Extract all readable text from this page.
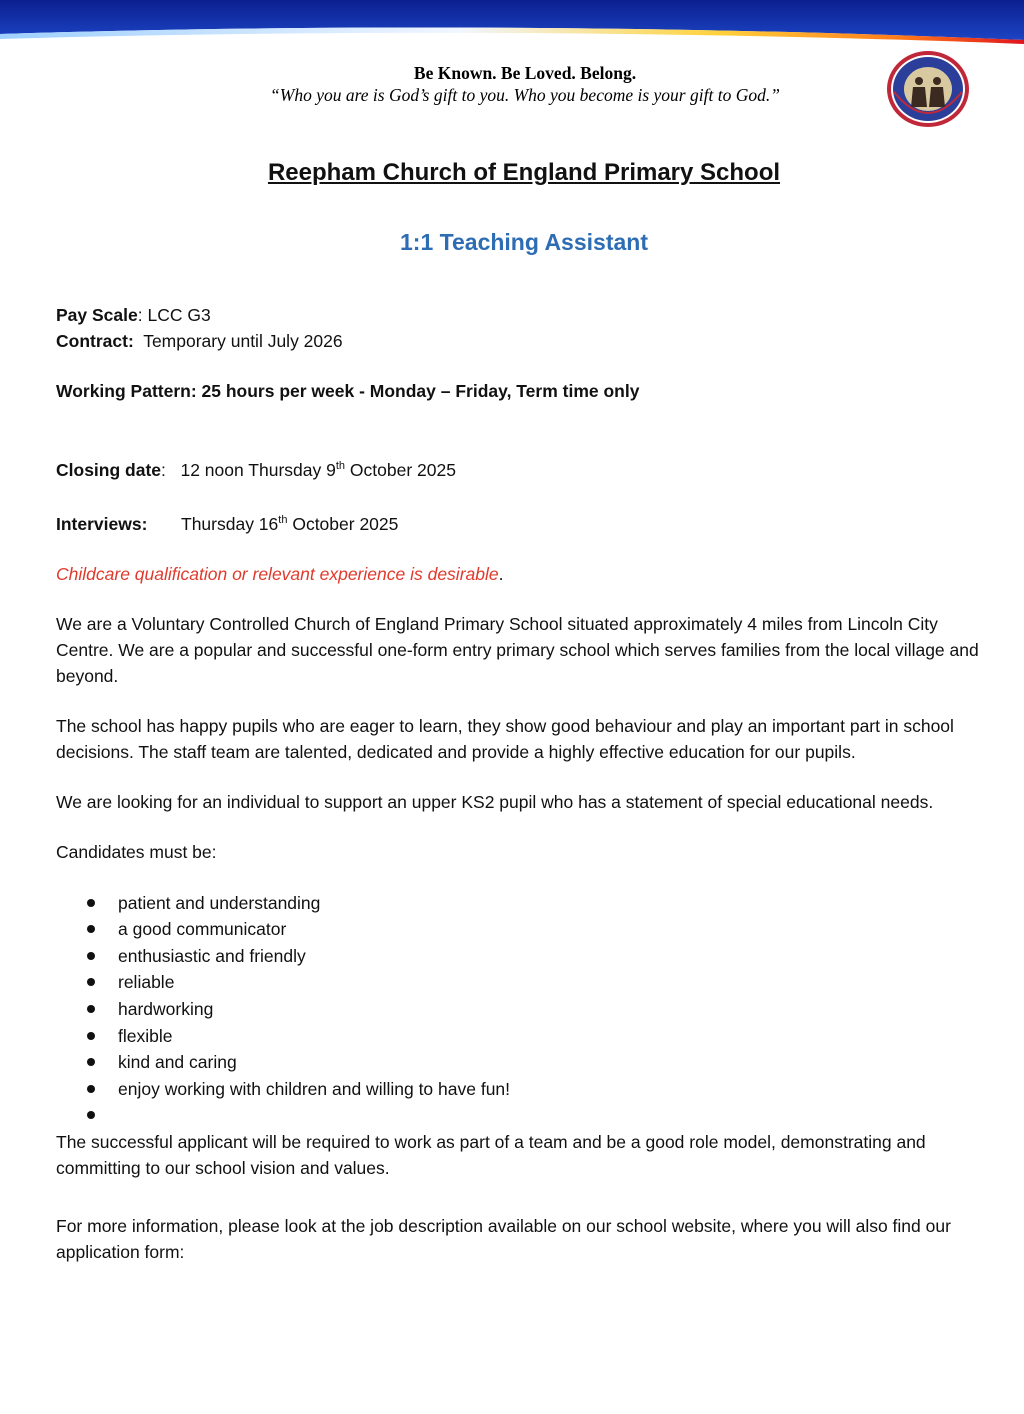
Be Known. Be Loved. Belong.
“Who you are is God’s gift to you. Who you become is your gift to God.”
Reepham Church of England Primary School
1:1 Teaching Assistant

Pay Scale: LCC G3

Contract: Temporary until July 2026

Working Pattern: 25 hours per week - Monday – Friday, Term time only

Closing date: 12 noon Thursday 9th October 2025

Interviews: Thursday 16th October 2025

Childcare qualification or relevant experience is desirable.

We are a Voluntary Controlled Church of England Primary School situated approximately 4 miles from Lincoln City Centre. We are a popular and successful one-form entry primary school which serves families from the local village and beyond.

The school has happy pupils who are eager to learn, they show good behaviour and play an important part in school decisions. The staff team are talented, dedicated and provide a highly effective education for our pupils.

We are looking for an individual to support an upper KS2 pupil who has a statement of special educational needs.

Candidates must be:

patient and understanding
a good communicator
enthusiastic and friendly
reliable
hardworking
flexible
kind and caring
enjoy working with children and willing to have fun!

The successful applicant will be required to work as part of a team and be a good role model, demonstrating and committing to our school vision and values.

For more information, please look at the job description available on our school website, where you will also find our application form:
